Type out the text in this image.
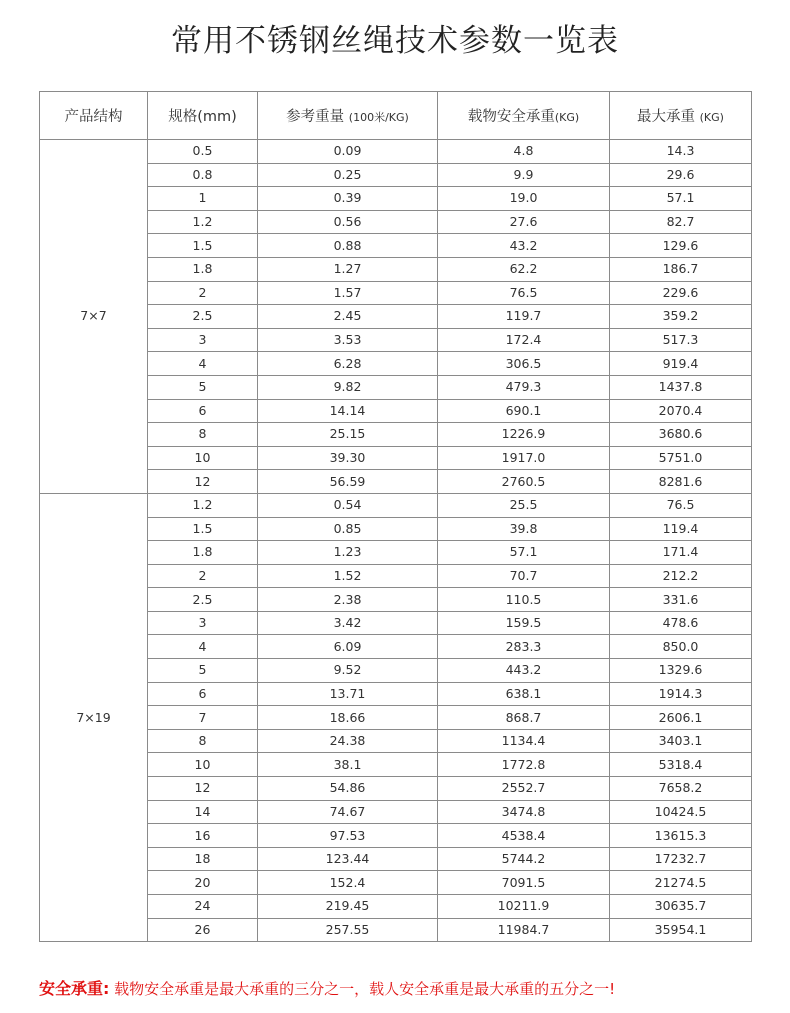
常用不锈钢丝绳技术参数一览表
产品结构	规格(mm)	参考重量 (100米/KG)	载物安全承重(KG)	最大承重 (KG)
7×7	0.5	0.09	4.8	14.3
	0.8	0.25	9.9	29.6
	1	0.39	19.0	57.1
	1.2	0.56	27.6	82.7
	1.5	0.88	43.2	129.6
	1.8	1.27	62.2	186.7
	2	1.57	76.5	229.6
	2.5	2.45	119.7	359.2
	3	3.53	172.4	517.3
	4	6.28	306.5	919.4
	5	9.82	479.3	1437.8
	6	14.14	690.1	2070.4
	8	25.15	1226.9	3680.6
	10	39.30	1917.0	5751.0
	12	56.59	2760.5	8281.6
7×19	1.2	0.54	25.5	76.5
	1.5	0.85	39.8	119.4
	1.8	1.23	57.1	171.4
	2	1.52	70.7	212.2
	2.5	2.38	110.5	331.6
	3	3.42	159.5	478.6
	4	6.09	283.3	850.0
	5	9.52	443.2	1329.6
	6	13.71	638.1	1914.3
	7	18.66	868.7	2606.1
	8	24.38	1134.4	3403.1
	10	38.1	1772.8	5318.4
	12	54.86	2552.7	7658.2
	14	74.67	3474.8	10424.5
	16	97.53	4538.4	13615.3
	18	123.44	5744.2	17232.7
	20	152.4	7091.5	21274.5
	24	219.45	10211.9	30635.7
	26	257.55	11984.7	35954.1
安全承重: 载物安全承重是最大承重的三分之一，载人安全承重是最大承重的五分之一!
